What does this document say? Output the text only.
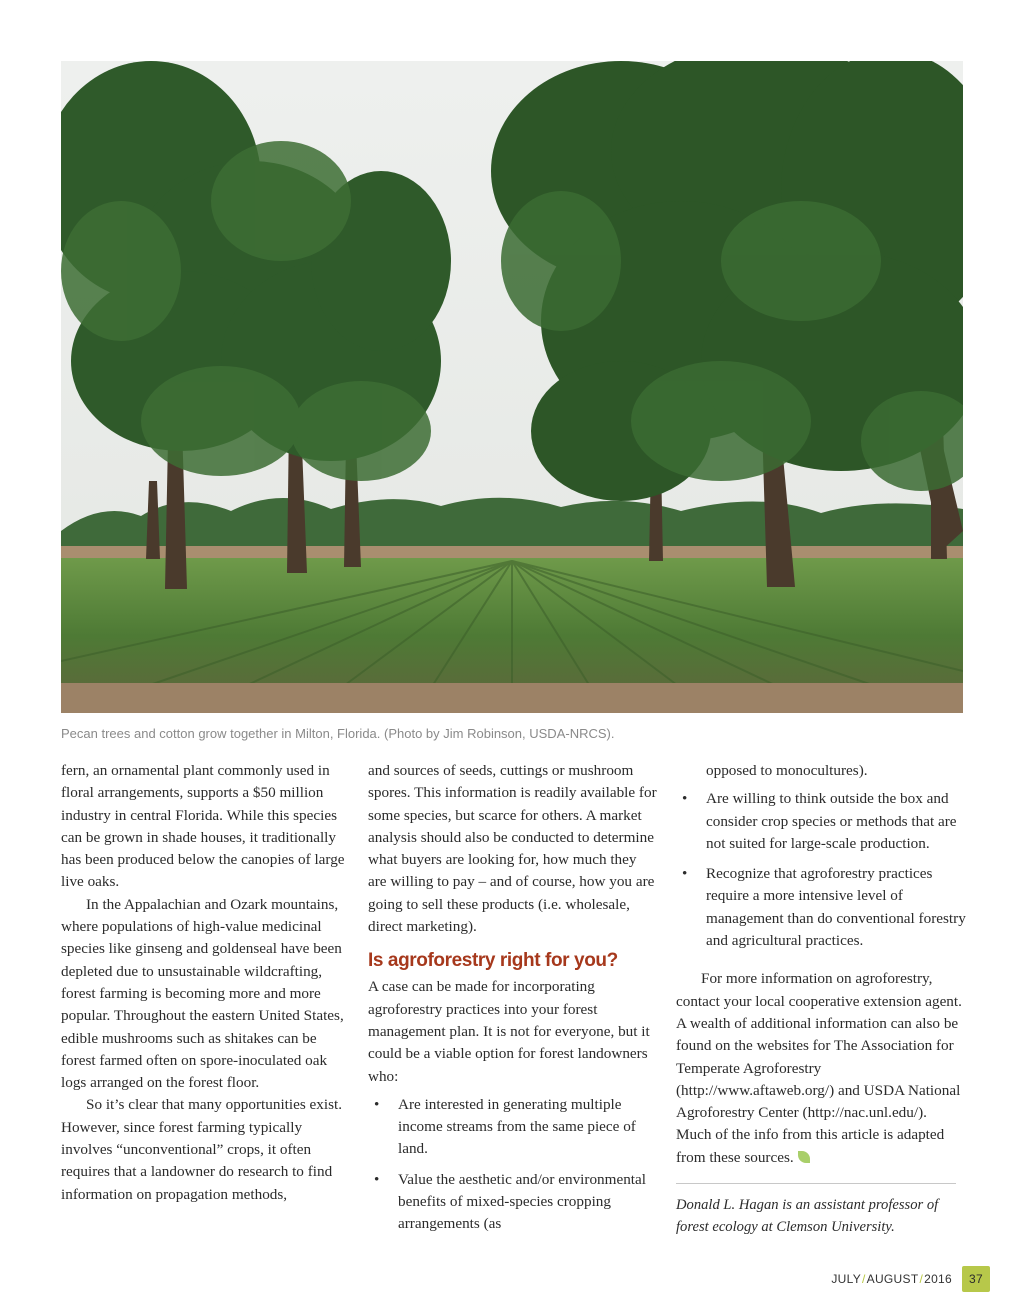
Pecan trees and cotton grow together in Milton, Florida. (Photo by Jim Robinson, USDA-NRCS).

fern, an ornamental plant commonly used in floral arrangements, supports a $50 million industry in central Florida. While this species can be grown in shade houses, it traditionally has been produced below the canopies of large live oaks.

In the Appalachian and Ozark mountains, where populations of high-value medicinal species like ginseng and goldenseal have been depleted due to unsustainable wildcrafting, forest farming is becoming more and more popular. Throughout the eastern United States, edible mushrooms such as shitakes can be forest farmed often on spore-inoculated oak logs arranged on the forest floor.

So it’s clear that many opportunities exist. However, since forest farming typically involves “unconventional” crops, it often requires that a landowner do research to find information on propagation methods,

and sources of seeds, cuttings or mushroom spores. This information is readily available for some species, but scarce for others. A market analysis should also be conducted to determine what buyers are looking for, how much they are willing to pay – and of course, how you are going to sell these products (i.e. wholesale, direct marketing).

Is agroforestry right for you?

A case can be made for incorporating agroforestry practices into your forest management plan. It is not for everyone, but it could be a viable option for forest landowners who:

• Are interested in generating multiple income streams from the same piece of land.
• Value the aesthetic and/or environmental benefits of mixed-species cropping arrangements (as
opposed to monocultures).
• Are willing to think outside the box and consider crop species or methods that are not suited for large-scale production.
• Recognize that agroforestry practices require a more intensive level of management than do conventional forestry and agricultural practices.

For more information on agroforestry, contact your local cooperative extension agent. A wealth of additional information can also be found on the websites for The Association for Temperate Agroforestry (http://www.aftaweb.org/) and USDA National Agroforestry Center (http://nac.unl.edu/). Much of the info from this article is adapted from these sources.

Donald L. Hagan is an assistant professor of forest ecology at Clemson University.

JULY / AUGUST / 2016	37
